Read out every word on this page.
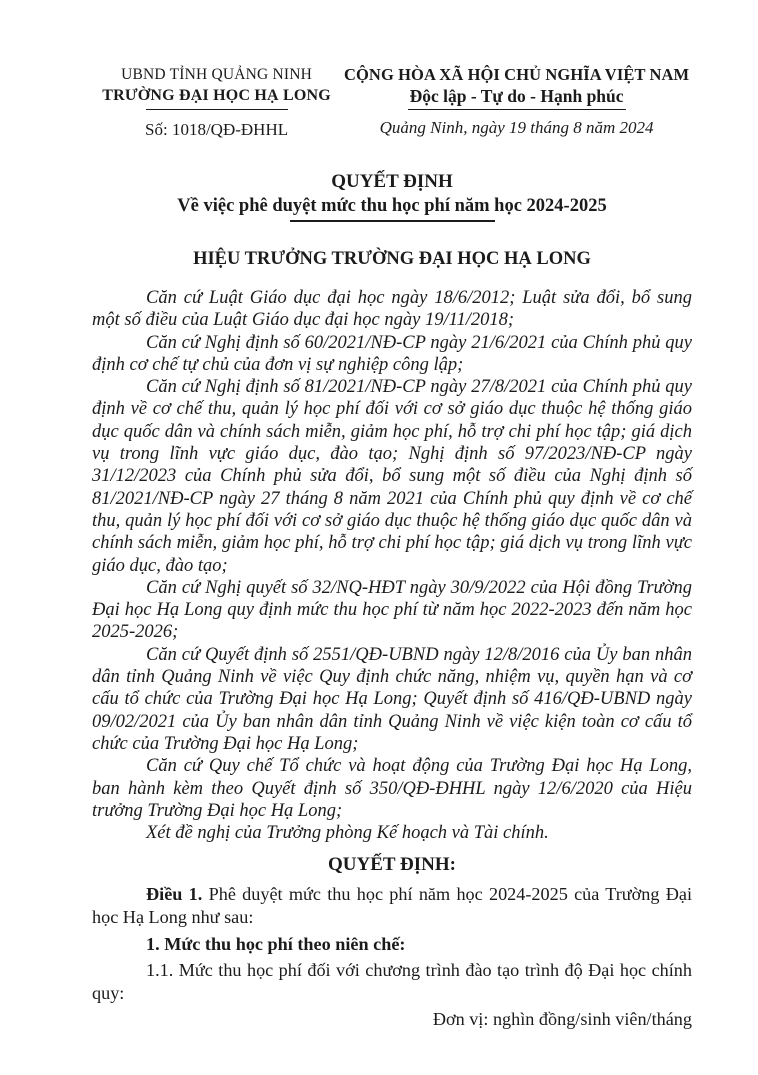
UBND TỈNH QUẢNG NINH
TRƯỜNG ĐẠI HỌC HẠ LONG
Số: 1018/QĐ-ĐHHL
CỘNG HÒA XÃ HỘI CHỦ NGHĨA VIỆT NAM
Độc lập - Tự do - Hạnh phúc
Quảng Ninh, ngày 19 tháng 8 năm 2024
QUYẾT ĐỊNH
Về việc phê duyệt mức thu học phí năm học 2024-2025
HIỆU TRƯỞNG TRƯỜNG ĐẠI HỌC HẠ LONG

Căn cứ Luật Giáo dục đại học ngày 18/6/2012; Luật sửa đổi, bổ sung một số điều của Luật Giáo dục đại học ngày 19/11/2018;

Căn cứ Nghị định số 60/2021/NĐ-CP ngày 21/6/2021 của Chính phủ quy định cơ chế tự chủ của đơn vị sự nghiệp công lập;

Căn cứ Nghị định số 81/2021/NĐ-CP ngày 27/8/2021 của Chính phủ quy định về cơ chế thu, quản lý học phí đối với cơ sở giáo dục thuộc hệ thống giáo dục quốc dân và chính sách miễn, giảm học phí, hỗ trợ chi phí học tập; giá dịch vụ trong lĩnh vực giáo dục, đào tạo; Nghị định số 97/2023/NĐ-CP ngày 31/12/2023 của Chính phủ sửa đổi, bổ sung một số điều của Nghị định số 81/2021/NĐ-CP ngày 27 tháng 8 năm 2021 của Chính phủ quy định về cơ chế thu, quản lý học phí đối với cơ sở giáo dục thuộc hệ thống giáo dục quốc dân và chính sách miễn, giảm học phí, hỗ trợ chi phí học tập; giá dịch vụ trong lĩnh vực giáo dục, đào tạo;

Căn cứ Nghị quyết số 32/NQ-HĐT ngày 30/9/2022 của Hội đồng Trường Đại học Hạ Long quy định mức thu học phí từ năm học 2022-2023 đến năm học 2025-2026;

Căn cứ Quyết định số 2551/QĐ-UBND ngày 12/8/2016 của Ủy ban nhân dân tỉnh Quảng Ninh về việc Quy định chức năng, nhiệm vụ, quyền hạn và cơ cấu tổ chức của Trường Đại học Hạ Long; Quyết định số 416/QĐ-UBND ngày 09/02/2021 của Ủy ban nhân dân tỉnh Quảng Ninh về việc kiện toàn cơ cấu tổ chức của Trường Đại học Hạ Long;

Căn cứ Quy chế Tổ chức và hoạt động của Trường Đại học Hạ Long, ban hành kèm theo Quyết định số 350/QĐ-ĐHHL ngày 12/6/2020 của Hiệu trưởng Trường Đại học Hạ Long;

Xét đề nghị của Trưởng phòng Kế hoạch và Tài chính.

QUYẾT ĐỊNH:

Điều 1. Phê duyệt mức thu học phí năm học 2024-2025 của Trường Đại học Hạ Long như sau:

1. Mức thu học phí theo niên chế:

1.1. Mức thu học phí đối với chương trình đào tạo trình độ Đại học chính quy:

Đơn vị: nghìn đồng/sinh viên/tháng
